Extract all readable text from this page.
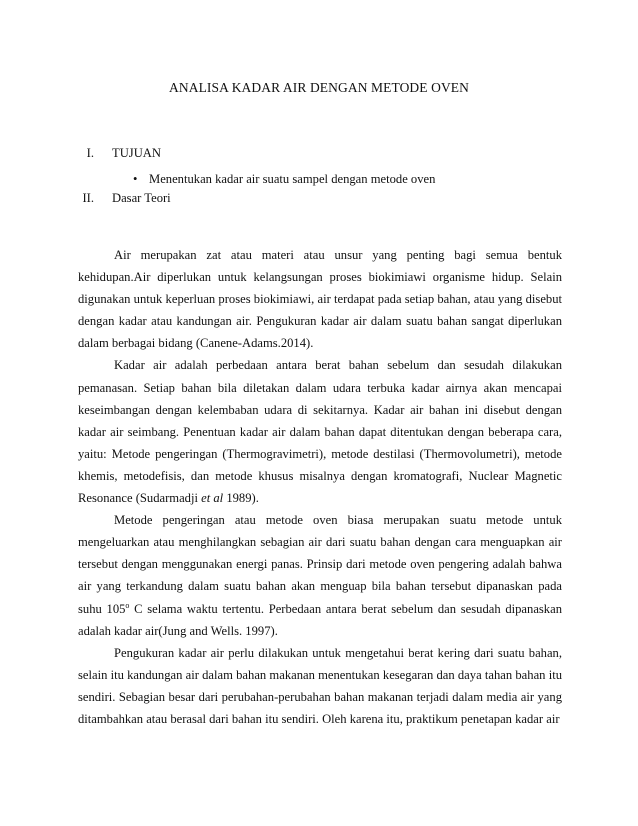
ANALISA KADAR AIR DENGAN METODE OVEN
I. TUJUAN
• Menentukan kadar air suatu sampel dengan metode oven
II. Dasar Teori

Air merupakan zat atau materi atau unsur yang penting bagi semua bentuk kehidupan.Air diperlukan untuk kelangsungan proses biokimiawi organisme hidup. Selain digunakan untuk keperluan proses biokimiawi, air terdapat pada setiap bahan, atau yang disebut dengan kadar atau kandungan air. Pengukuran kadar air dalam suatu bahan sangat diperlukan dalam berbagai bidang (Canene-Adams.2014).

Kadar air adalah perbedaan antara berat bahan sebelum dan sesudah dilakukan pemanasan. Setiap bahan bila diletakan dalam udara terbuka kadar airnya akan mencapai keseimbangan dengan kelembaban udara di sekitarnya. Kadar air bahan ini disebut dengan kadar air seimbang. Penentuan kadar air dalam bahan dapat ditentukan dengan beberapa cara, yaitu: Metode pengeringan (Thermogravimetri), metode destilasi (Thermovolumetri), metode khemis, metodefisis, dan metode khusus misalnya dengan kromatografi, Nuclear Magnetic Resonance (Sudarmadji et al 1989).

Metode pengeringan atau metode oven biasa merupakan suatu metode untuk mengeluarkan atau menghilangkan sebagian air dari suatu bahan dengan cara menguapkan air tersebut dengan menggunakan energi panas. Prinsip dari metode oven pengering adalah bahwa air yang terkandung dalam suatu bahan akan menguap bila bahan tersebut dipanaskan pada suhu 105$^o$ C selama waktu tertentu. Perbedaan antara berat sebelum dan sesudah dipanaskan adalah kadar air(Jung and Wells. 1997).

Pengukuran kadar air perlu dilakukan untuk mengetahui berat kering dari suatu bahan, selain itu kandungan air dalam bahan makanan menentukan kesegaran dan daya tahan bahan itu sendiri. Sebagian besar dari perubahan-perubahan bahan makanan terjadi dalam media air yang ditambahkan atau berasal dari bahan itu sendiri. Oleh karena itu, praktikum penetapan kadar air
